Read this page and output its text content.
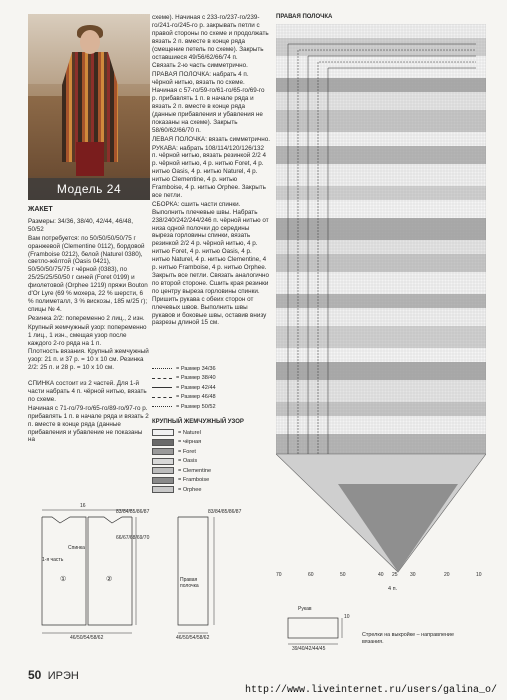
Модель 24

ЖАКЕТ

Размеры: 34/36, 38/40, 42/44, 46/48, 50/52

Вам потребуется: по 50/50/50/50/75 г оранжевой (Clementine 0112), бордовой (Framboise 0212), белой (Naturel 0380), светло-жёлтой (Oasis 0421), 50/50/50/75/75 г чёрной (0383), по 25/25/25/50/50 г синей (Foret 0199) и фиолетовой (Orphee 1219) пряжи Bouton d'Or Lyre (69 % мохера, 22 % шерсти, 6 % полиметалл, 3 % вискозы, 185 м/25 г); спицы № 4.

Резинка 2/2: попеременно 2 лиц., 2 изн.

Крупный жемчужный узор: попеременно 1 лиц., 1 изн., смещая узор после каждого 2-го ряда на 1 п.

Плотность вязания. Крупный жемчужный узор: 21 п. и 37 р. = 10 x 10 см. Резинка 2/2: 25 п. и 28 р. = 10 x 10 см.

СПИНКА состоит из 2 частей. Для 1-й части набрать 4 п. чёрной нитью, вязать по схеме.

Начиная с 71-го/79-го/65-го/89-го/97-го р. прибавлять 1 п. в начале ряда и вязать 2 п. вместе в конце ряда (данные прибавления и убавление не показаны на

схеме). Начиная с 233-го/237-го/239-го/241-го/245-го р. закрывать петли с правой стороны по схеме и продолжать вязать 2 п. вместе в конце ряда (смещение петель по схеме). Закрыть оставшиеся 49/56/62/66/74 п.

Связать 2-ю часть симметрично.

ПРАВАЯ ПОЛОЧКА: набрать 4 п. чёрной нитью, вязать по схеме. Начиная с 57-го/59-го/61-го/65-го/69-го р. прибавлять 1 п. в начале ряда и вязать 2 п. вместе в конце ряда (данные прибавления и убавления не показаны на схеме). Закрыть 58/60/62/66/70 п.

ЛЕВАЯ ПОЛОЧКА: вязать симметрично.

РУКАВА: набрать 108/114/120/126/132 п. чёрной нитью, вязать резинкой 2/2 4 р. чёрной нитью, 4 р. нитью Foret, 4 р. нитью Oasis, 4 р. нитью Naturel, 4 р. нитью Clementine, 4 р. нитью Framboise, 4 р. нитью Orphee. Закрыть все петли.

СБОРКА: сшить части спинки. Выполнить плечевые швы. Набрать 238/240/242/244/246 п. чёрной нитью от низа одной полочки до середины выреза горловины спинки, вязать резинкой 2/2 4 р. чёрной нитью, 4 р. нитью Foret, 4 р. нитью Oasis, 4 р. нитью Naturel, 4 р. нитью Clementine, 4 р. нитью Framboise, 4 р. нитью Orphee. Закрыть все петли. Связать аналогично по второй стороне. Сшить края резинки по центру выреза горловины спинки. Пришить рукава с обеих сторон от плечевых швов. Выполнить швы рукавов и боковые швы, оставив внизу разрезы длиной 15 см.

= Размер 34/36
= Размер 38/40
= Размер 42/44
= Размер 46/48
= Размер 50/52
КРУПНЫЙ ЖЕМЧУЖНЫЙ УЗОР
= Naturel
= чёрная
= Foret
= Oasis
= Clementine
= Framboise
= Orphee
16
Спинка
1-я часть
①	②
83/84/85/86/87
66/67/68/69/70
46/50/54/58/62
83/84/85/86/87
Правая полочка
46/50/54/58/62
ПРАВАЯ ПОЛОЧКА
70	60	50	40	30	20	10
25
4 п.
Рукав
10
39/40/42/44/45
Стрелки на выкройке – направление вязания.
50 ИРЭН
http://www.liveinternet.ru/users/galina_o/
